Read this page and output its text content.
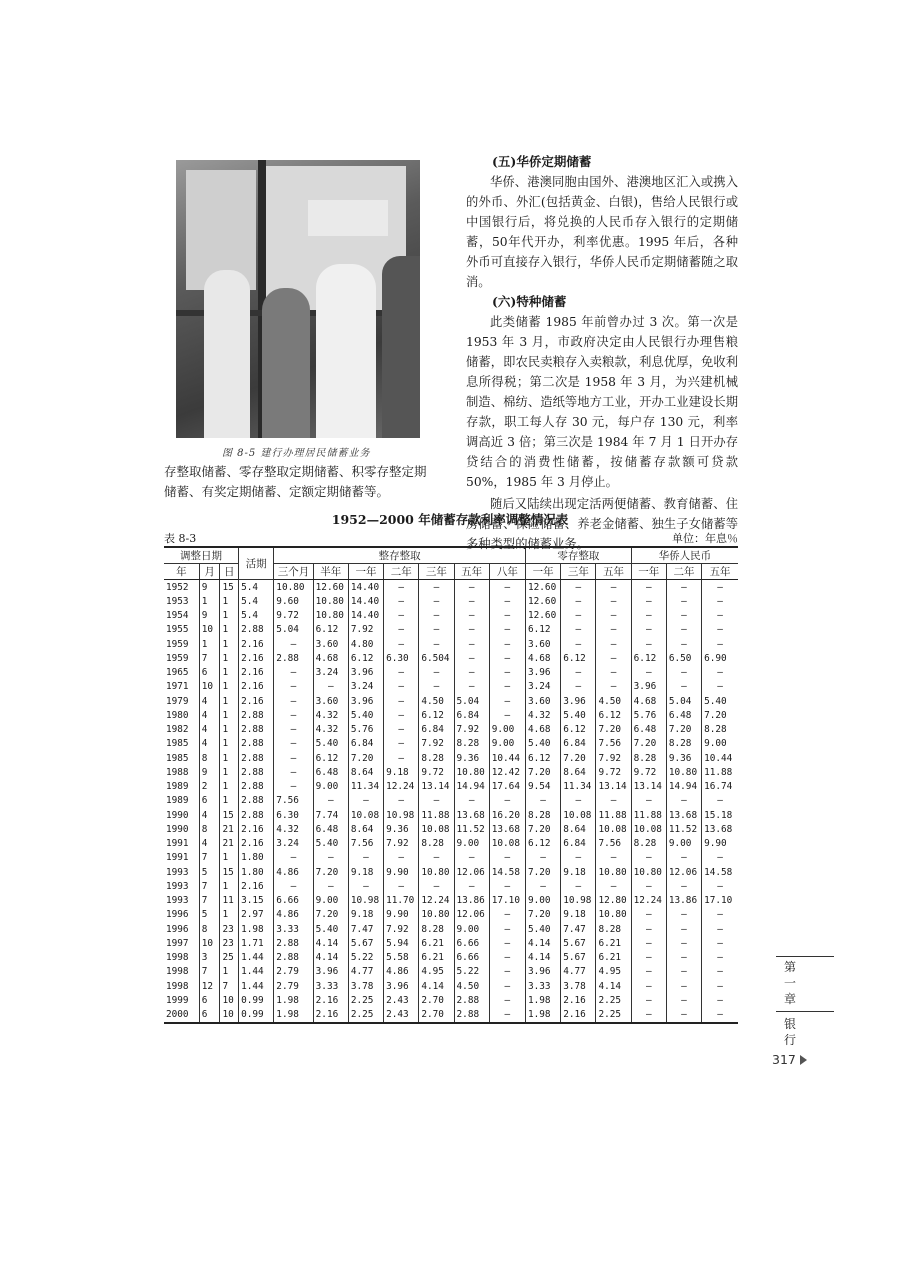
图 8-5 建行办理居民储蓄业务
存整取储蓄、零存整取定期储蓄、积零存整定期储蓄、有奖定期储蓄、定额定期储蓄等。
(五)华侨定期储蓄

华侨、港澳同胞由国外、港澳地区汇入或携入的外币、外汇(包括黄金、白银)，售给人民银行或中国银行后，将兑换的人民币存入银行的定期储蓄，50年代开办，利率优惠。1995 年后，各种外币可直接存入银行，华侨人民币定期储蓄随之取消。

(六)特种储蓄

此类储蓄 1985 年前曾办过 3 次。第一次是 1953 年 3 月，市政府决定由人民银行办理售粮储蓄，即农民卖粮存入卖粮款，利息优厚，免收利息所得税；第二次是 1958 年 3 月，为兴建机械制造、棉纺、造纸等地方工业，开办工业建设长期存款，职工每人存 30 元，每户存 130 元，利率调高近 3 倍；第三次是 1984 年 7 月 1 日开办存贷结合的消费性储蓄，按储蓄存款额可贷款 50%，1985 年 3 月停止。

随后又陆续出现定活两便储蓄、教育储蓄、住房储蓄、保险储蓄、养老金储蓄、独生子女储蓄等多种类型的储蓄业务。

1952—2000 年储蓄存款利率调整情况表
表 8-3	单位：年息％
调整日期			活期	整存整取							零存整取			华侨人民币		
年	月	日		三个月	半年	一年	二年	三年	五年	八年	一年	三年	五年	一年	二年	五年
1952	9	15	5.4	10.80	12.60	14.40	—	—	—	—	12.60	—	—	—	—	—
1953	1	1	5.4	9.60	10.80	14.40	—	—	—	—	12.60	—	—	—	—	—
1954	9	1	5.4	9.72	10.80	14.40	—	—	—	—	12.60	—	—	—	—	—
1955	10	1	2.88	5.04	6.12	7.92	—	—	—	—	6.12	—	—	—	—	—
1959	1	1	2.16	—	3.60	4.80	—	—	—	—	3.60	—	—	—	—	—
1959	7	1	2.16	2.88	4.68	6.12	6.30	6.504	—	—	4.68	6.12	—	6.12	6.50	6.90
1965	6	1	2.16	—	3.24	3.96	—	—	—	—	3.96	—	—	—	—	—
1971	10	1	2.16	—	—	3.24	—	—	—	—	3.24	—	—	3.96	—	—
1979	4	1	2.16	—	3.60	3.96	—	4.50	5.04	—	3.60	3.96	4.50	4.68	5.04	5.40
1980	4	1	2.88	—	4.32	5.40	—	6.12	6.84	—	4.32	5.40	6.12	5.76	6.48	7.20
1982	4	1	2.88	—	4.32	5.76	—	6.84	7.92	9.00	4.68	6.12	7.20	6.48	7.20	8.28
1985	4	1	2.88	—	5.40	6.84	—	7.92	8.28	9.00	5.40	6.84	7.56	7.20	8.28	9.00
1985	8	1	2.88	—	6.12	7.20	—	8.28	9.36	10.44	6.12	7.20	7.92	8.28	9.36	10.44
1988	9	1	2.88	—	6.48	8.64	9.18	9.72	10.80	12.42	7.20	8.64	9.72	9.72	10.80	11.88
1989	2	1	2.88	—	9.00	11.34	12.24	13.14	14.94	17.64	9.54	11.34	13.14	13.14	14.94	16.74
1989	6	1	2.88	7.56	—	—	—	—	—	—	—	—	—	—	—	—
1990	4	15	2.88	6.30	7.74	10.08	10.98	11.88	13.68	16.20	8.28	10.08	11.88	11.88	13.68	15.18
1990	8	21	2.16	4.32	6.48	8.64	9.36	10.08	11.52	13.68	7.20	8.64	10.08	10.08	11.52	13.68
1991	4	21	2.16	3.24	5.40	7.56	7.92	8.28	9.00	10.08	6.12	6.84	7.56	8.28	9.00	9.90
1991	7	1	1.80	—	—	—	—	—	—	—	—	—	—	—	—	—
1993	5	15	1.80	4.86	7.20	9.18	9.90	10.80	12.06	14.58	7.20	9.18	10.80	10.80	12.06	14.58
1993	7	1	2.16	—	—	—	—	—	—	—	—	—	—	—	—	—
1993	7	11	3.15	6.66	9.00	10.98	11.70	12.24	13.86	17.10	9.00	10.98	12.80	12.24	13.86	17.10
1996	5	1	2.97	4.86	7.20	9.18	9.90	10.80	12.06	—	7.20	9.18	10.80	—	—	—
1996	8	23	1.98	3.33	5.40	7.47	7.92	8.28	9.00	—	5.40	7.47	8.28	—	—	—
1997	10	23	1.71	2.88	4.14	5.67	5.94	6.21	6.66	—	4.14	5.67	6.21	—	—	—
1998	3	25	1.44	2.88	4.14	5.22	5.58	6.21	6.66	—	4.14	5.67	6.21	—	—	—
1998	7	1	1.44	2.79	3.96	4.77	4.86	4.95	5.22	—	3.96	4.77	4.95	—	—	—
1998	12	7	1.44	2.79	3.33	3.78	3.96	4.14	4.50	—	3.33	3.78	4.14	—	—	—
1999	6	10	0.99	1.98	2.16	2.25	2.43	2.70	2.88	—	1.98	2.16	2.25	—	—	—
2000	6	10	0.99	1.98	2.16	2.25	2.43	2.70	2.88	—	1.98	2.16	2.25	—	—	—
第一章
银行
317
